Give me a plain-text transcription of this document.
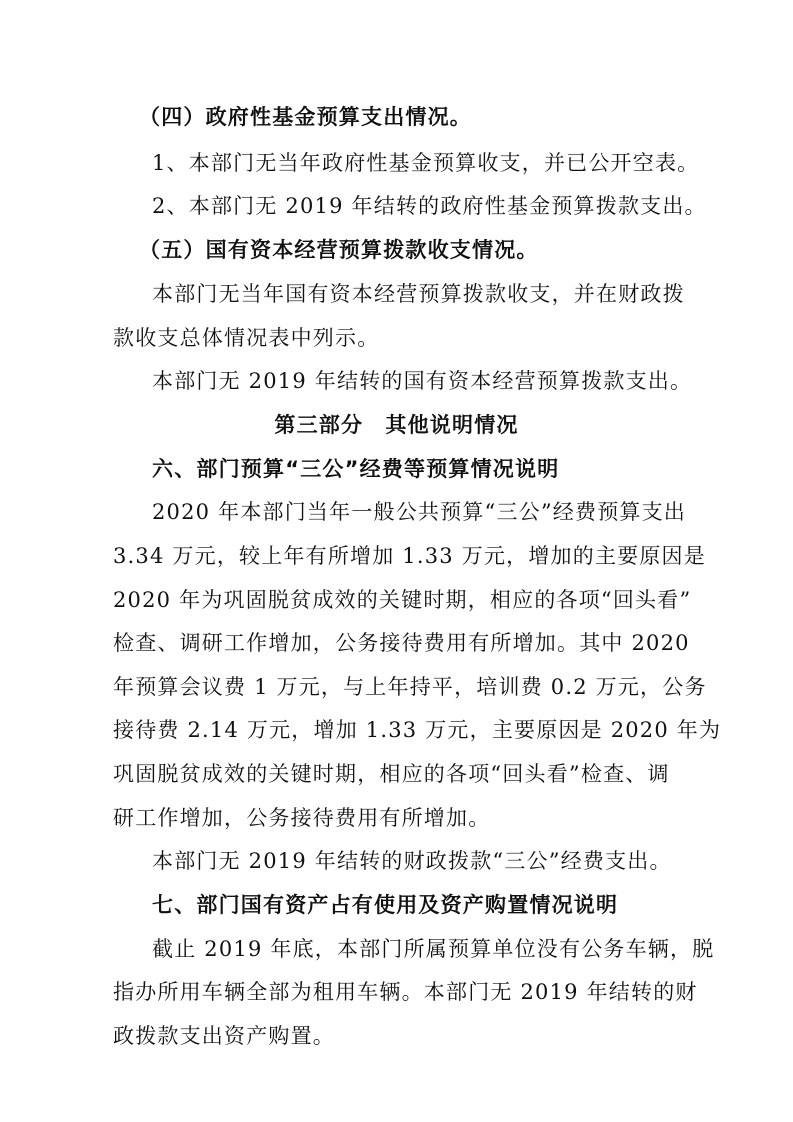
（四）政府性基金预算支出情况。
1、本部门无当年政府性基金预算收支，并已公开空表。
2、本部门无 2019 年结转的政府性基金预算拨款支出。
（五）国有资本经营预算拨款收支情况。
本部门无当年国有资本经营预算拨款收支，并在财政拨
款收支总体情况表中列示。
本部门无 2019 年结转的国有资本经营预算拨款支出。
第三部分　其他说明情况
六、部门预算“三公”经费等预算情况说明
2020 年本部门当年一般公共预算“三公”经费预算支出
3.34 万元，较上年有所增加 1.33 万元，增加的主要原因是
2020 年为巩固脱贫成效的关键时期，相应的各项“回头看”
检查、调研工作增加，公务接待费用有所增加。其中 2020
年预算会议费 1 万元，与上年持平，培训费 0.2 万元，公务
接待费 2.14 万元，增加 1.33 万元，主要原因是 2020 年为
巩固脱贫成效的关键时期，相应的各项“回头看”检查、调
研工作增加，公务接待费用有所增加。
本部门无 2019 年结转的财政拨款“三公”经费支出。
七、部门国有资产占有使用及资产购置情况说明
截止 2019 年底，本部门所属预算单位没有公务车辆，脱
指办所用车辆全部为租用车辆。本部门无 2019 年结转的财
政拨款支出资产购置。
